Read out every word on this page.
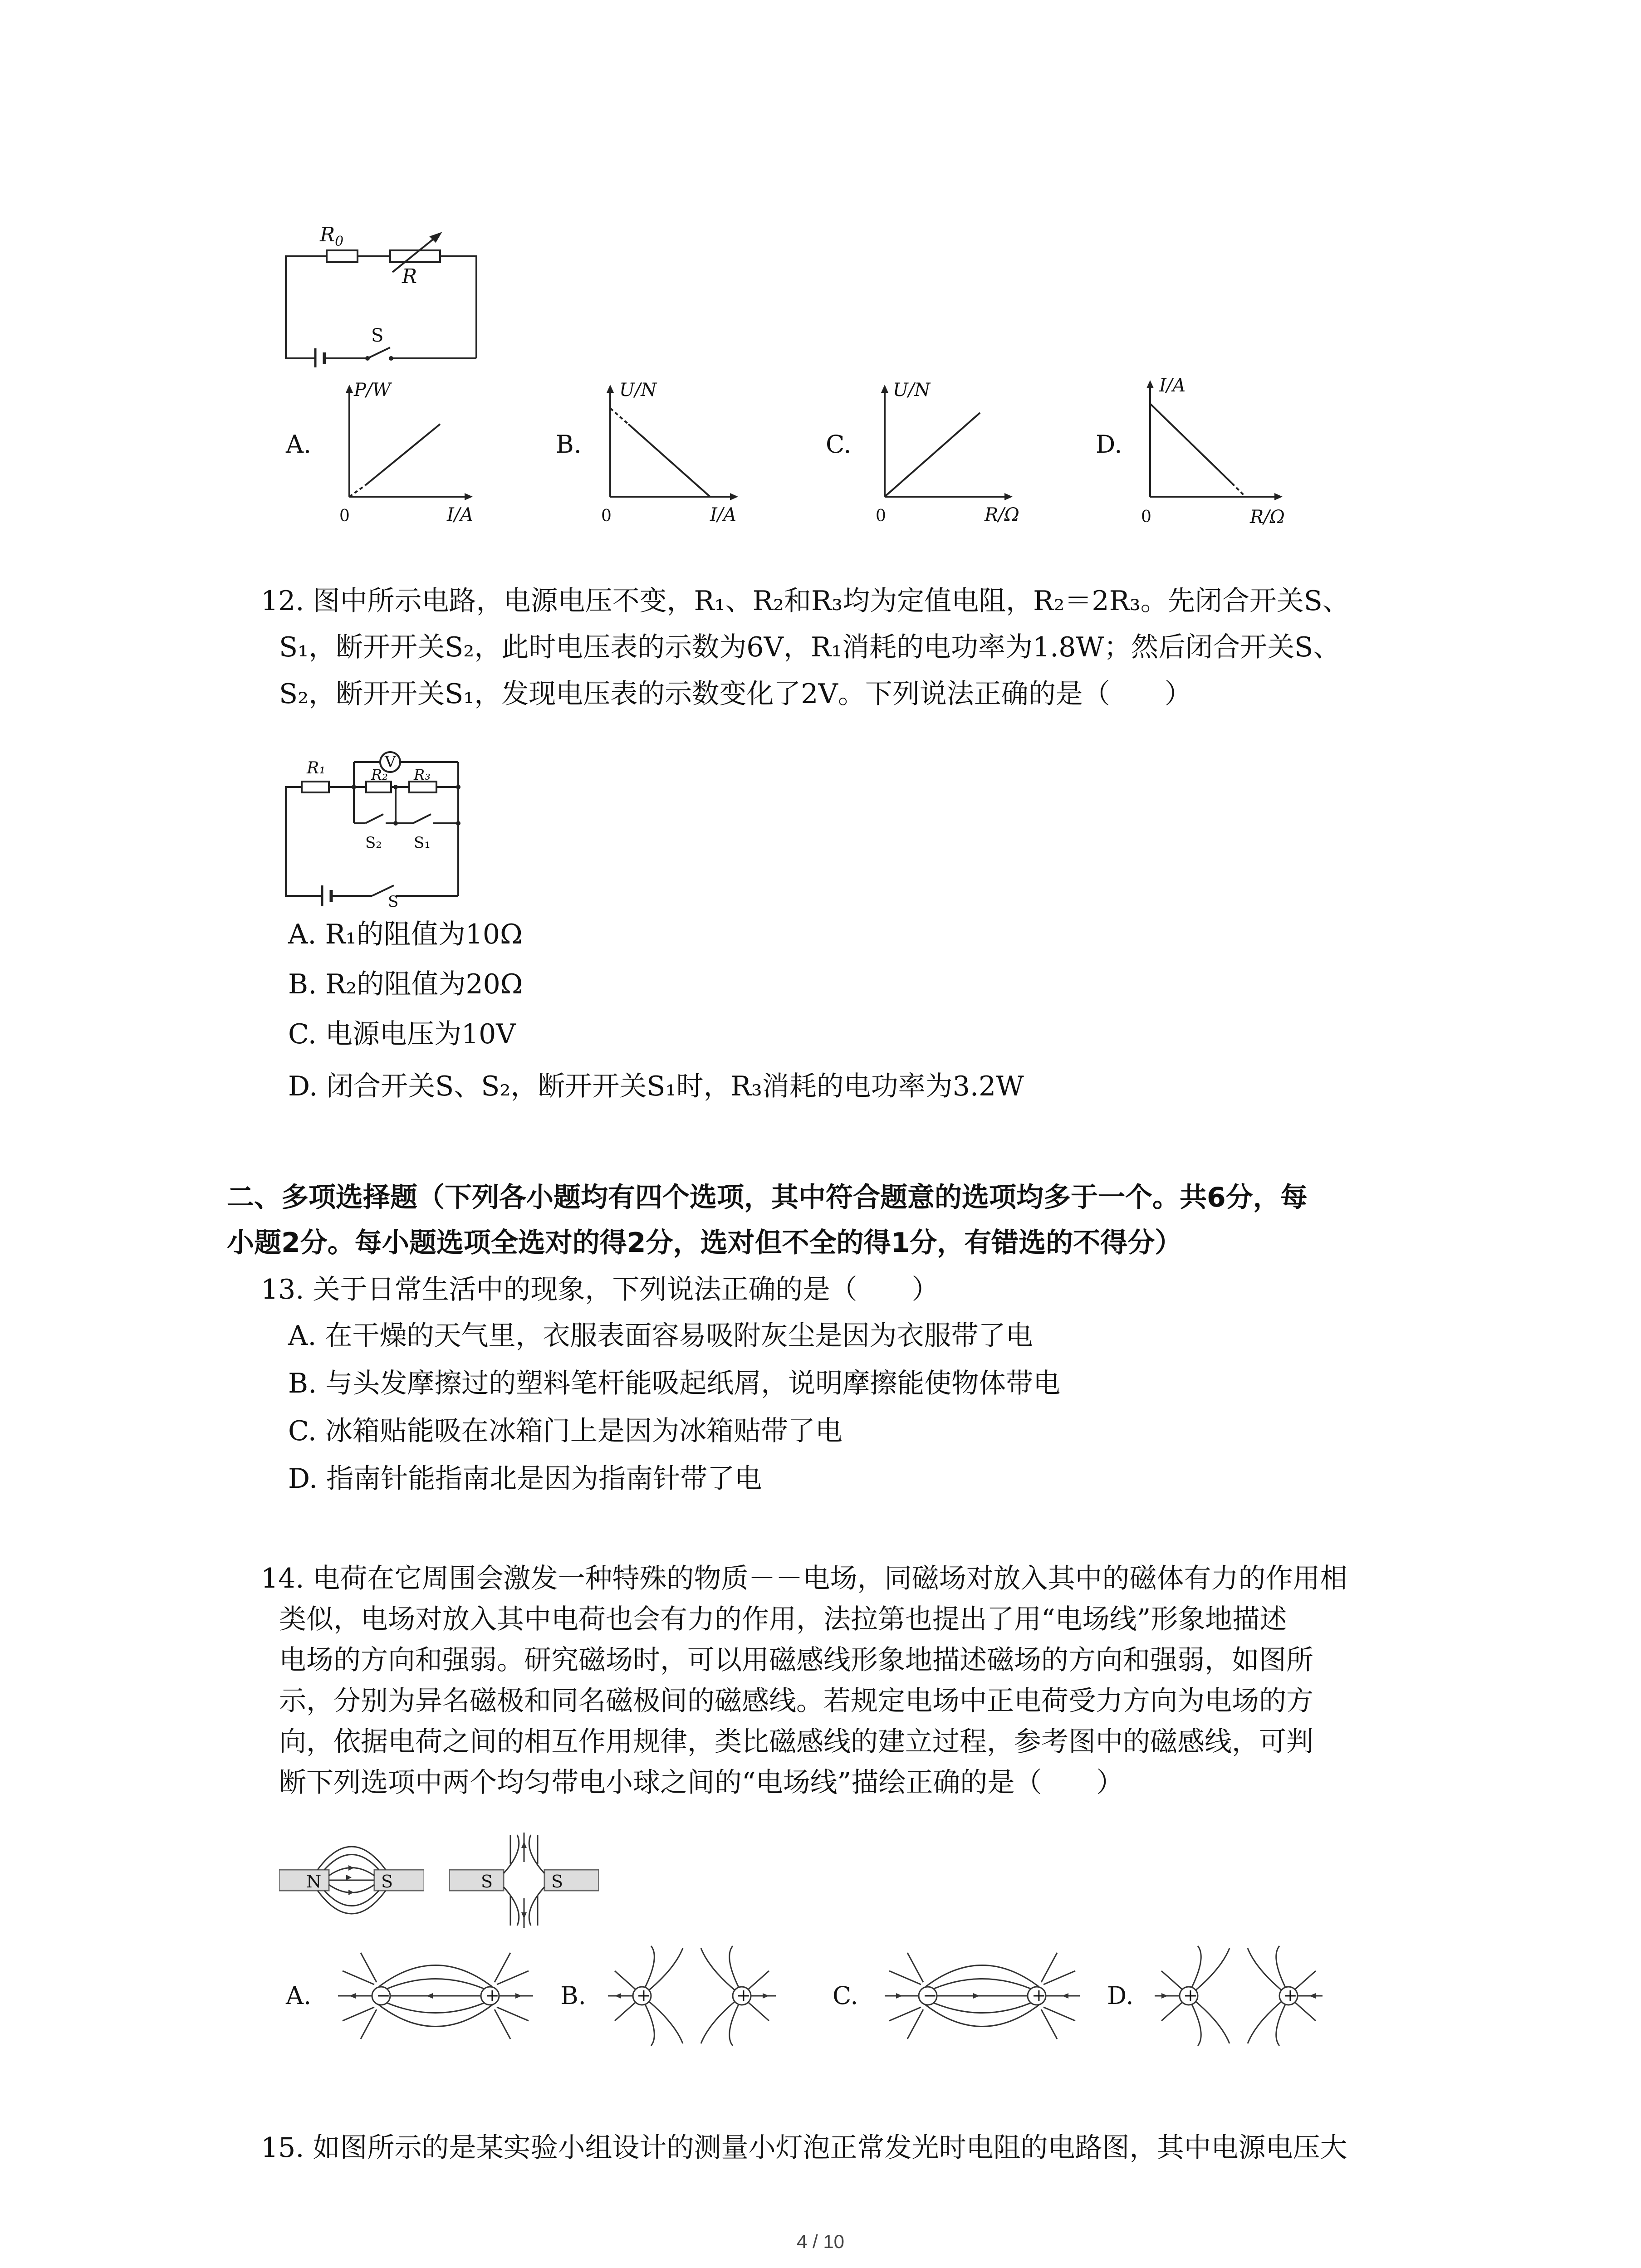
$R_0$
R
S
A.
P/W
I/A
0
B.
U/N
I/A
0
C.
U/N
R/Ω
0
D.
I/A
R/Ω
0
12. 图中所示电路，电源电压不变，R₁、R₂和R₃均为定值电阻，R₂＝2R₃。先闭合开关S、
S₁，断开开关S₂，此时电压表的示数为6V，R₁消耗的电功率为1.8W；然后闭合开关S、
S₂，断开开关S₁，发现电压表的示数变化了2V。下列说法正确的是（　　）
R₁	R₂ R₃
V
S₂ S₁
S
A. R₁的阻值为10Ω
B. R₂的阻值为20Ω
C. 电源电压为10V
D. 闭合开关S、S₂，断开开关S₁时，R₃消耗的电功率为3.2W
二、多项选择题（下列各小题均有四个选项，其中符合题意的选项均多于一个。共6分，每
小题2分。每小题选项全选对的得2分，选对但不全的得1分，有错选的不得分）
13. 关于日常生活中的现象，下列说法正确的是（　　）
A. 在干燥的天气里，衣服表面容易吸附灰尘是因为衣服带了电
B. 与头发摩擦过的塑料笔杆能吸起纸屑，说明摩擦能使物体带电
C. 冰箱贴能吸在冰箱门上是因为冰箱贴带了电
D. 指南针能指南北是因为指南针带了电
14. 电荷在它周围会激发一种特殊的物质－－电场，同磁场对放入其中的磁体有力的作用相
类似，电场对放入其中电荷也会有力的作用，法拉第也提出了用“电场线”形象地描述
电场的方向和强弱。研究磁场时，可以用磁感线形象地描述磁场的方向和强弱，如图所
示，分别为异名磁极和同名磁极间的磁感线。若规定电场中正电荷受力方向为电场的方
向，依据电荷之间的相互作用规律，类比磁感线的建立过程，参考图中的磁感线，可判
断下列选项中两个均匀带电小球之间的“电场线”描绘正确的是（　　）
N	S	S	S
A.	−	+ B.	+	+	C.	−	+ D.	+	+
15. 如图所示的是某实验小组设计的测量小灯泡正常发光时电阻的电路图，其中电源电压大
4 / 10
